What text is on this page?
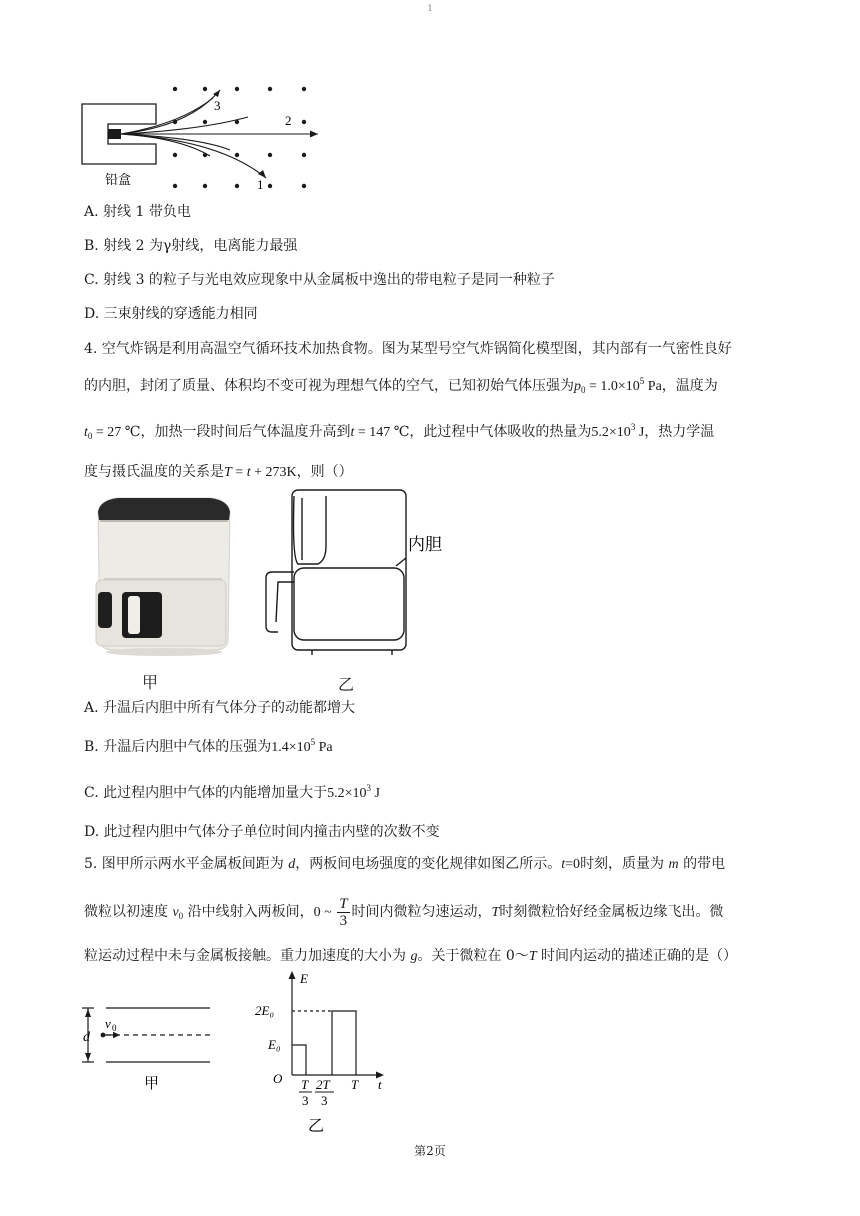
1
3
2
1
铅盒
A. 射线 1 带负电
B. 射线 2 为γ射线，电离能力最强
C. 射线 3 的粒子与光电效应现象中从金属板中逸出的带电粒子是同一种粒子
D. 三束射线的穿透能力相同
4. 空气炸锅是利用高温空气循环技术加热食物。图为某型号空气炸锅简化模型图，其内部有一气密性良好
的内胆，封闭了质量、体积均不变可视为理想气体的空气，已知初始气体压强为$p_0 = 1.0\times 10^5$ Pa，温度为
$t_0 = 27$ ℃，加热一段时间后气体温度升高到t = 147 ℃，此过程中气体吸收的热量为$5.2\times 10^3$ J，热力学温
度与摄氏温度的关系是T = t + 273K，则（）
甲
内胆
乙
A. 升温后内胆中所有气体分子的动能都增大
B. 升温后内胆中气体的压强为$1.4\times 10^5$ Pa
C. 此过程内胆中气体的内能增加量大于$5.2\times 10^3$ J
D. 此过程内胆中气体分子单位时间内撞击内壁的次数不变
5. 图甲所示两水平金属板间距为 d，两板间电场强度的变化规律如图乙所示。t=0时刻，质量为 m 的带电
微粒以初速度 $v_0$ 沿中线射入两板间，0 ~ $\frac{T}{3}$ 时间内微粒匀速运动，T时刻微粒恰好经金属板边缘飞出。微
粒运动过程中未与金属板接触。重力加速度的大小为 g。关于微粒在 0～T 时间内运动的描述正确的是（）
d
v 0
甲
E
t
O
2E₀
E₀
T
3
2T
3
T
乙
第2页
